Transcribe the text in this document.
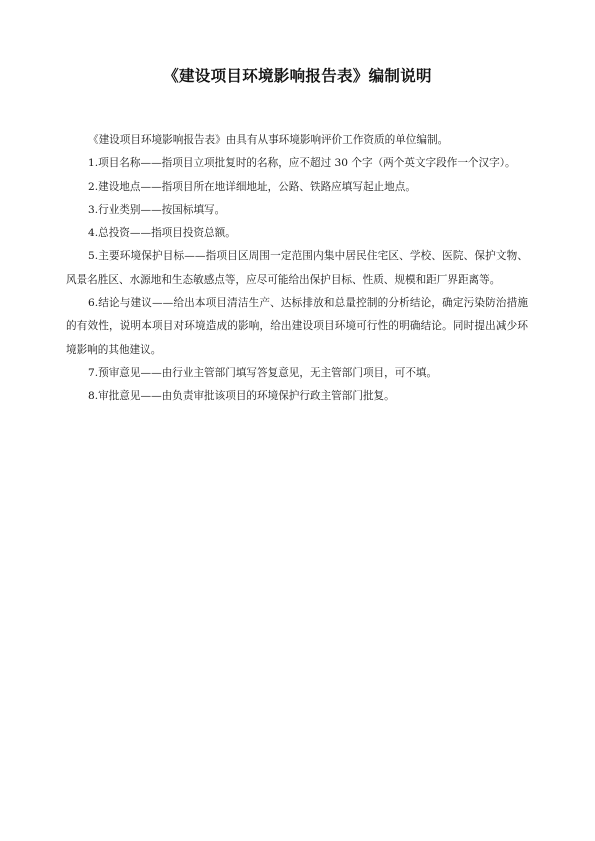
《建设项目环境影响报告表》编制说明

《建设项目环境影响报告表》由具有从事环境影响评价工作资质的单位编制。

1.项目名称——指项目立项批复时的名称，应不超过 30 个字（两个英文字段作一个汉字）。

2.建设地点——指项目所在地详细地址，公路、铁路应填写起止地点。

3.行业类别——按国标填写。

4.总投资——指项目投资总额。

5.主要环境保护目标——指项目区周围一定范围内集中居民住宅区、学校、医院、保护文物、风景名胜区、水源地和生态敏感点等，应尽可能给出保护目标、性质、规模和距厂界距离等。

6.结论与建议——给出本项目清洁生产、达标排放和总量控制的分析结论，确定污染防治措施的有效性，说明本项目对环境造成的影响，给出建设项目环境可行性的明确结论。同时提出减少环境影响的其他建议。

7.预审意见——由行业主管部门填写答复意见，无主管部门项目，可不填。

8.审批意见——由负责审批该项目的环境保护行政主管部门批复。
